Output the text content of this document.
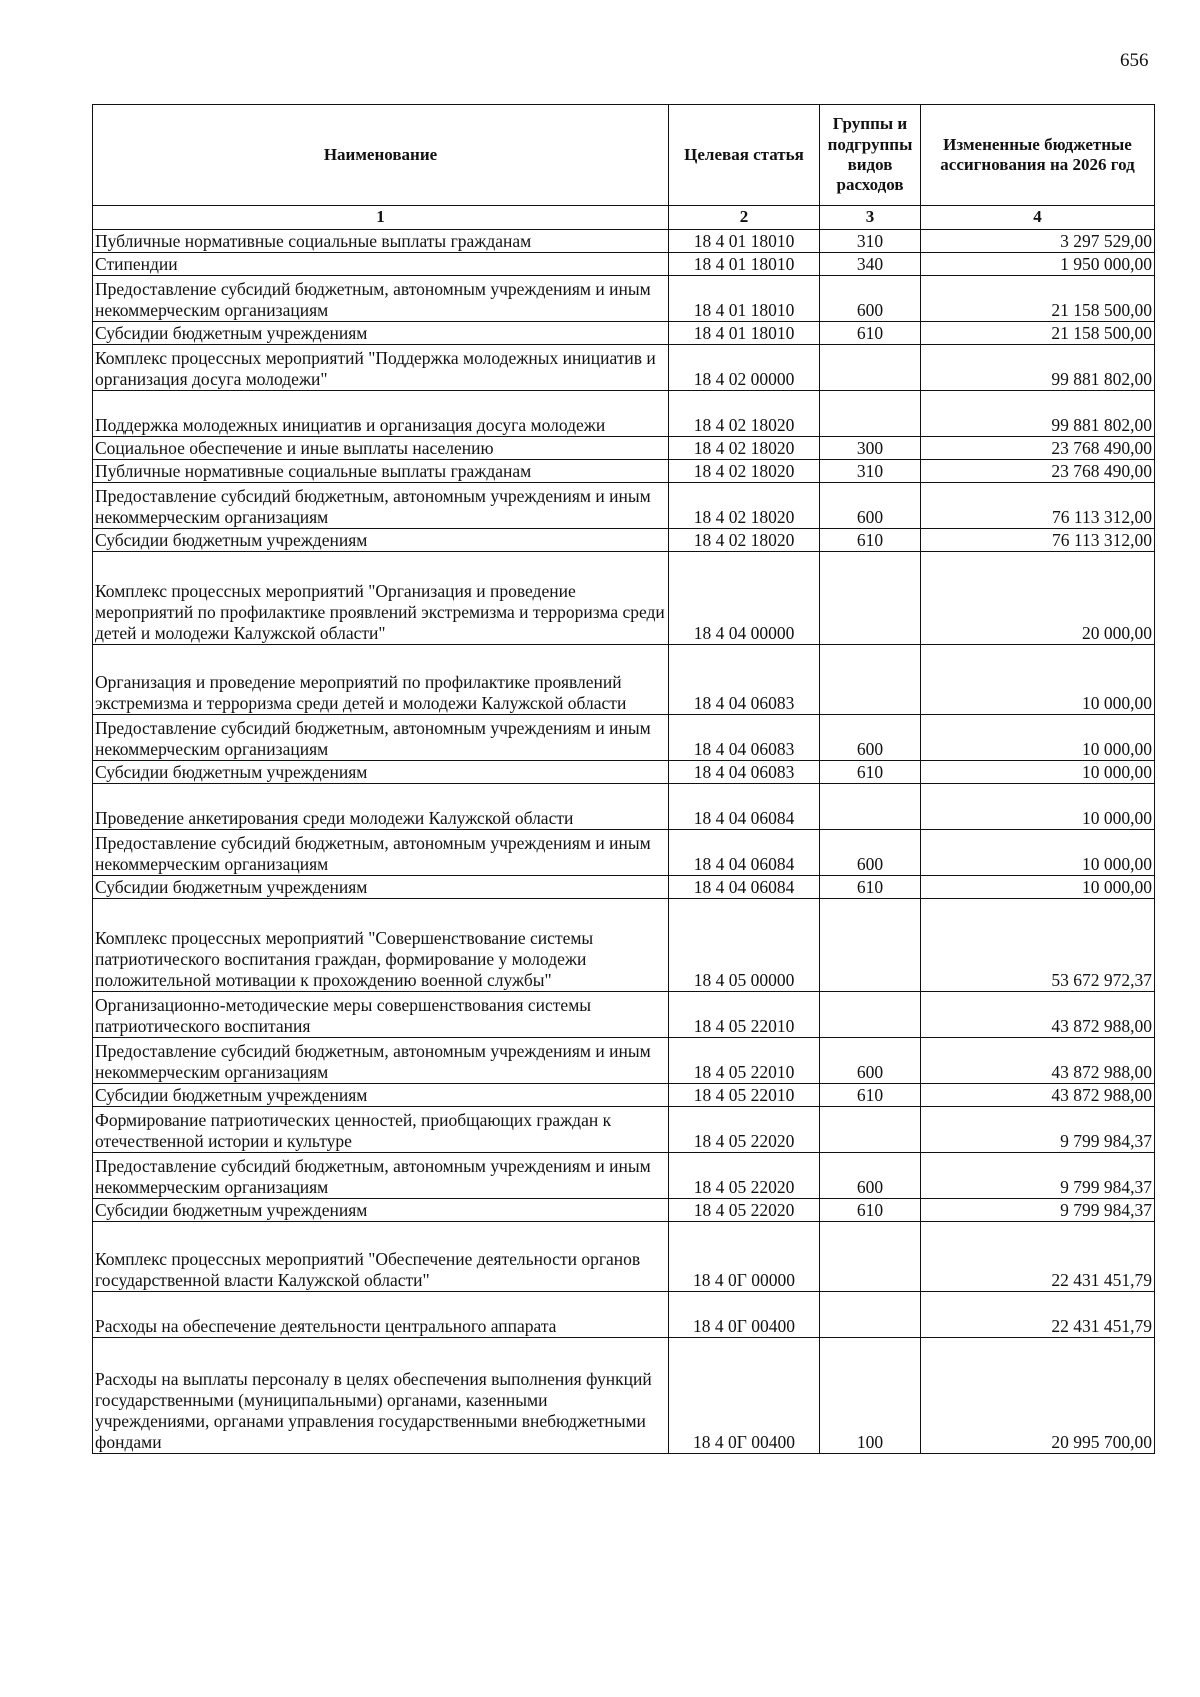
656
Наименование	Целевая статья	Группы и подгруппы видов расходов	Измененные бюджетные ассигнования на 2026 год
1	2	3	4
Публичные нормативные социальные выплаты гражданам	18 4 01 18010	310	3 297 529,00
Стипендии	18 4 01 18010	340	1 950 000,00
Предоставление субсидий бюджетным, автономным учреждениям и иным некоммерческим организациям	18 4 01 18010	600	21 158 500,00
Субсидии бюджетным учреждениям	18 4 01 18010	610	21 158 500,00
Комплекс процессных мероприятий "Поддержка молодежных инициатив и организация досуга молодежи"	18 4 02 00000		99 881 802,00
Поддержка молодежных инициатив и организация досуга молодежи	18 4 02 18020		99 881 802,00
Социальное обеспечение и иные выплаты населению	18 4 02 18020	300	23 768 490,00
Публичные нормативные социальные выплаты гражданам	18 4 02 18020	310	23 768 490,00
Предоставление субсидий бюджетным, автономным учреждениям и иным некоммерческим организациям	18 4 02 18020	600	76 113 312,00
Субсидии бюджетным учреждениям	18 4 02 18020	610	76 113 312,00
Комплекс процессных мероприятий "Организация и проведение мероприятий по профилактике проявлений экстремизма и терроризма среди детей и молодежи Калужской области"	18 4 04 00000		20 000,00
Организация и проведение мероприятий по профилактике проявлений экстремизма и терроризма среди детей и молодежи Калужской области	18 4 04 06083		10 000,00
Предоставление субсидий бюджетным, автономным учреждениям и иным некоммерческим организациям	18 4 04 06083	600	10 000,00
Субсидии бюджетным учреждениям	18 4 04 06083	610	10 000,00
Проведение анкетирования среди молодежи Калужской области	18 4 04 06084		10 000,00
Предоставление субсидий бюджетным, автономным учреждениям и иным некоммерческим организациям	18 4 04 06084	600	10 000,00
Субсидии бюджетным учреждениям	18 4 04 06084	610	10 000,00
Комплекс процессных мероприятий "Совершенствование системы патриотического воспитания граждан, формирование у молодежи положительной мотивации к прохождению военной службы"	18 4 05 00000		53 672 972,37
Организационно-методические меры совершенствования системы патриотического воспитания	18 4 05 22010		43 872 988,00
Предоставление субсидий бюджетным, автономным учреждениям и иным некоммерческим организациям	18 4 05 22010	600	43 872 988,00
Субсидии бюджетным учреждениям	18 4 05 22010	610	43 872 988,00
Формирование патриотических ценностей, приобщающих граждан к отечественной истории и культуре	18 4 05 22020		9 799 984,37
Предоставление субсидий бюджетным, автономным учреждениям и иным некоммерческим организациям	18 4 05 22020	600	9 799 984,37
Субсидии бюджетным учреждениям	18 4 05 22020	610	9 799 984,37
Комплекс процессных мероприятий "Обеспечение деятельности органов государственной власти Калужской области"	18 4 0Г 00000		22 431 451,79
Расходы на обеспечение деятельности центрального аппарата	18 4 0Г 00400		22 431 451,79
Расходы на выплаты персоналу в целях обеспечения выполнения функций государственными (муниципальными) органами, казенными учреждениями, органами управления государственными внебюджетными фондами	18 4 0Г 00400	100	20 995 700,00
